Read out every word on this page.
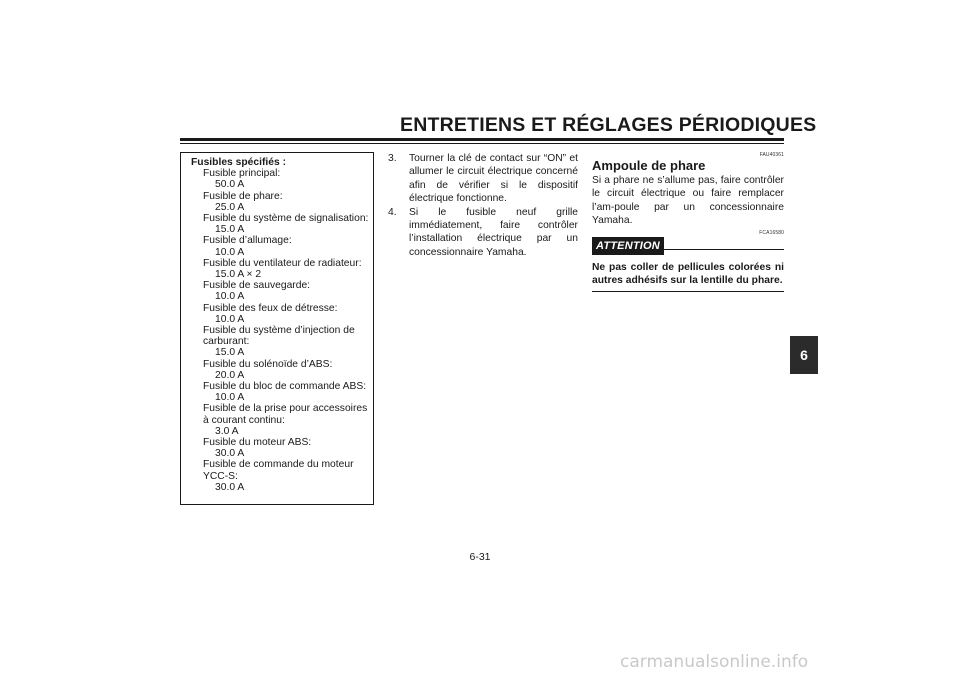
ENTRETIENS ET RÉGLAGES PÉRIODIQUES
6
Fusibles spécifiés :
Fusible principal:
50.0 A
Fusible de phare:
25.0 A
Fusible du système de signalisation:
15.0 A
Fusible d’allumage:
10.0 A
Fusible du ventilateur de radiateur:
15.0 A × 2
Fusible de sauvegarde:
10.0 A
Fusible des feux de détresse:
10.0 A
Fusible du système d’injection de carburant:
15.0 A
Fusible du solénoïde d’ABS:
20.0 A
Fusible du bloc de commande ABS:
10.0 A
Fusible de la prise pour accessoires à courant continu:
3.0 A
Fusible du moteur ABS:
30.0 A
Fusible de commande du moteur YCC-S:
30.0 A
3.	Tourner la clé de contact sur “ON” et allumer le circuit électrique concerné afin de vérifier si le dispositif électrique fonctionne.
4.	Si le fusible neuf grille immédiatement, faire contrôler l’installation électrique par un concessionnaire Yamaha.
FAU40361
Ampoule de phare
Si a phare ne s’allume pas, faire contrôler le circuit électrique ou faire remplacer l’am-poule par un concessionnaire Yamaha.
FCA16580
ATTENTION
Ne pas coller de pellicules colorées ni autres adhésifs sur la lentille du phare.
6-31
carmanualsonline.info
